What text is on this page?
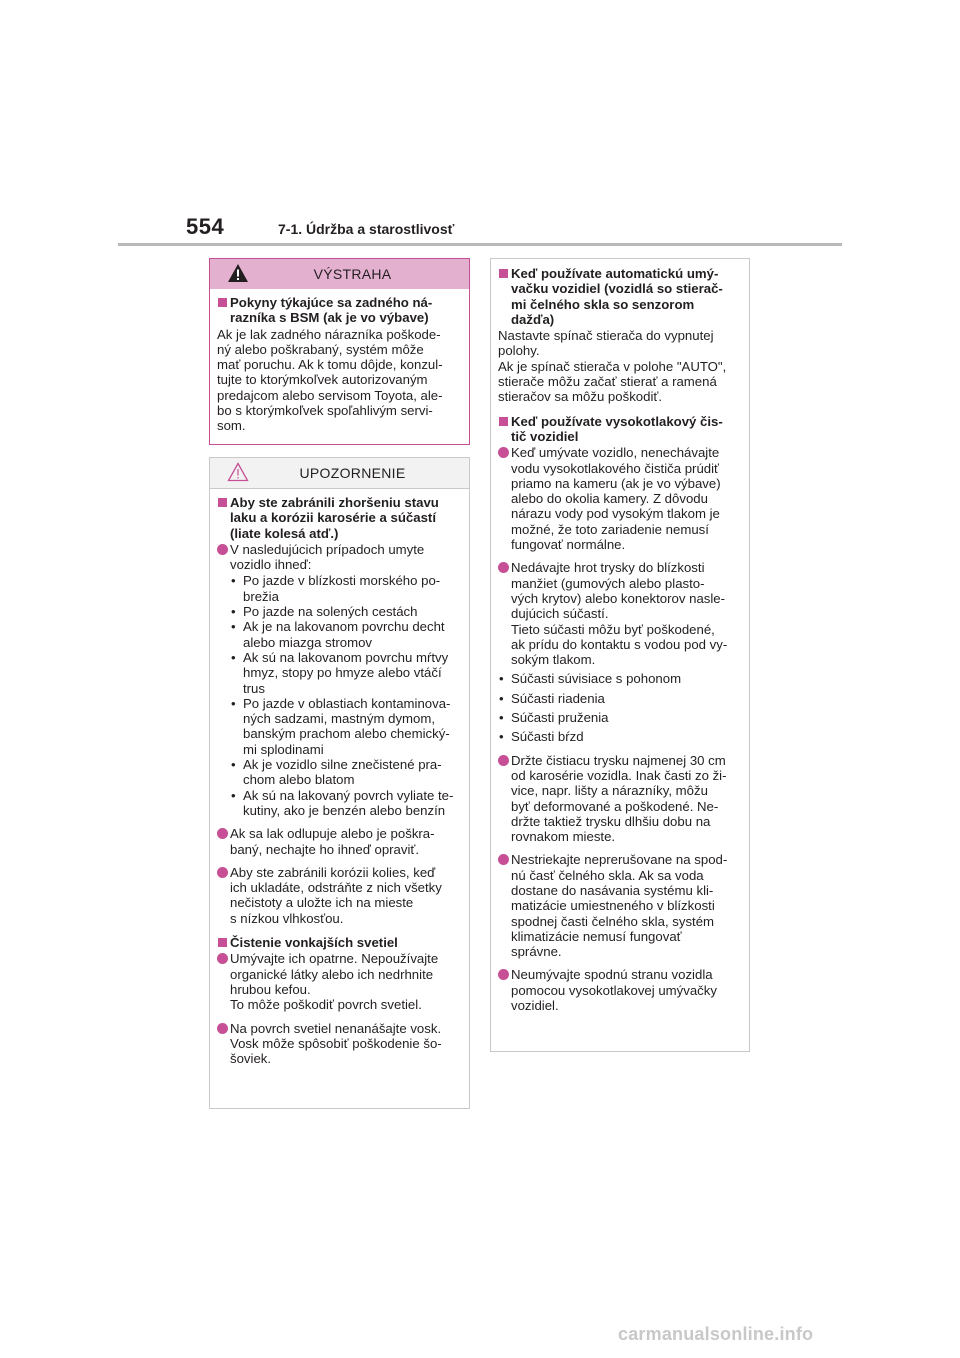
554	7-1. Údržba a starostlivosť
VÝSTRAHA
Pokyny týkajúce sa zadného ná-
razníka s BSM (ak je vo výbave)
Ak je lak zadného nárazníka poškode-
ný alebo poškrabaný, systém môže
mať poruchu. Ak k tomu dôjde, konzul-
tujte to ktorýmkoľvek autorizovaným
predajcom alebo servisom Toyota, ale-
bo s ktorýmkoľvek spoľahlivým servi-
som.
UPOZORNENIE
Aby ste zabránili zhoršeniu stavu
laku a korózii karosérie a súčastí
(liate kolesá atď.)
V nasledujúcich prípadoch umyte
vozidlo ihneď:
• Po jazde v blízkosti morského po-
brežia
• Po jazde na solených cestách
• Ak je na lakovanom povrchu decht
alebo miazga stromov
• Ak sú na lakovanom povrchu mŕtvy
hmyz, stopy po hmyze alebo vtáčí
trus
• Po jazde v oblastiach kontaminova-
ných sadzami, mastným dymom,
banským prachom alebo chemický-
mi splodinami
• Ak je vozidlo silne znečistené pra-
chom alebo blatom
• Ak sú na lakovaný povrch vyliate te-
kutiny, ako je benzén alebo benzín
Ak sa lak odlupuje alebo je poškra-
baný, nechajte ho ihneď opraviť.
Aby ste zabránili korózii kolies, keď
ich ukladáte, odstráňte z nich všetky
nečistoty a uložte ich na mieste
s nízkou vlhkosťou.
Čistenie vonkajších svetiel
Umývajte ich opatrne. Nepoužívajte
organické látky alebo ich nedrhnite
hrubou kefou.
To môže poškodiť povrch svetiel.
Na povrch svetiel nenanášajte vosk.
Vosk môže spôsobiť poškodenie šo-
šoviek.
Keď používate automatickú umý-
vačku vozidiel (vozidlá so stierač-
mi čelného skla so senzorom
dažďa)
Nastavte spínač stierača do vypnutej
polohy.
Ak je spínač stierača v polohe "AUTO",
stierače môžu začať stierať a ramená
stieračov sa môžu poškodiť.
Keď používate vysokotlakový čis-
tič vozidiel
Keď umývate vozidlo, nenechávajte
vodu vysokotlakového čističa prúdiť
priamo na kameru (ak je vo výbave)
alebo do okolia kamery. Z dôvodu
nárazu vody pod vysokým tlakom je
možné, že toto zariadenie nemusí
fungovať normálne.
Nedávajte hrot trysky do blízkosti
manžiet (gumových alebo plasto-
vých krytov) alebo konektorov nasle-
dujúcich súčastí.
Tieto súčasti môžu byť poškodené,
ak prídu do kontaktu s vodou pod vy-
sokým tlakom.
• Súčasti súvisiace s pohonom
• Súčasti riadenia
• Súčasti pruženia
• Súčasti bŕzd
Držte čistiacu trysku najmenej 30 cm
od karosérie vozidla. Inak časti zo ži-
vice, napr. lišty a nárazníky, môžu
byť deformované a poškodené. Ne-
držte taktiež trysku dlhšiu dobu na
rovnakom mieste.
Nestriekajte neprerušovane na spod-
nú časť čelného skla. Ak sa voda
dostane do nasávania systému kli-
matizácie umiestneného v blízkosti
spodnej časti čelného skla, systém
klimatizácie nemusí fungovať
správne.
Neumývajte spodnú stranu vozidla
pomocou vysokotlakovej umývačky
vozidiel.
carmanualsonline.info
